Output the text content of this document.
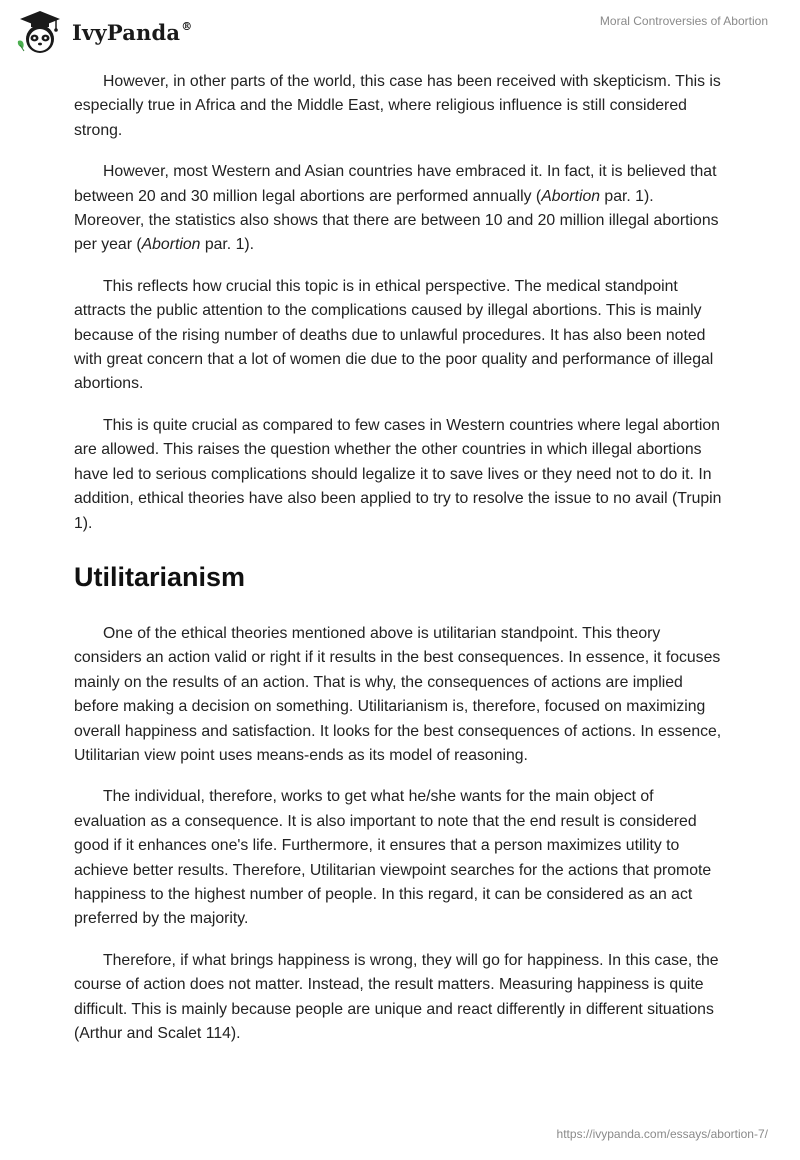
IvyPanda®	Moral Controversies of Abortion

However, in other parts of the world, this case has been received with skepticism. This is especially true in Africa and the Middle East, where religious influence is still considered strong.

However, most Western and Asian countries have embraced it. In fact, it is believed that between 20 and 30 million legal abortions are performed annually (Abortion par. 1). Moreover, the statistics also shows that there are between 10 and 20 million illegal abortions per year (Abortion par. 1).

This reflects how crucial this topic is in ethical perspective. The medical standpoint attracts the public attention to the complications caused by illegal abortions. This is mainly because of the rising number of deaths due to unlawful procedures. It has also been noted with great concern that a lot of women die due to the poor quality and performance of illegal abortions.

This is quite crucial as compared to few cases in Western countries where legal abortion are allowed. This raises the question whether the other countries in which illegal abortions have led to serious complications should legalize it to save lives or they need not to do it. In addition, ethical theories have also been applied to try to resolve the issue to no avail (Trupin 1).

Utilitarianism

One of the ethical theories mentioned above is utilitarian standpoint. This theory considers an action valid or right if it results in the best consequences. In essence, it focuses mainly on the results of an action. That is why, the consequences of actions are implied before making a decision on something. Utilitarianism is, therefore, focused on maximizing overall happiness and satisfaction. It looks for the best consequences of actions. In essence, Utilitarian view point uses means-ends as its model of reasoning.

The individual, therefore, works to get what he/she wants for the main object of evaluation as a consequence. It is also important to note that the end result is considered good if it enhances one's life. Furthermore, it ensures that a person maximizes utility to achieve better results. Therefore, Utilitarian viewpoint searches for the actions that promote happiness to the highest number of people. In this regard, it can be considered as an act preferred by the majority.

Therefore, if what brings happiness is wrong, they will go for happiness. In this case, the course of action does not matter. Instead, the result matters. Measuring happiness is quite difficult. This is mainly because people are unique and react differently in different situations (Arthur and Scalet 114).

https://ivypanda.com/essays/abortion-7/
